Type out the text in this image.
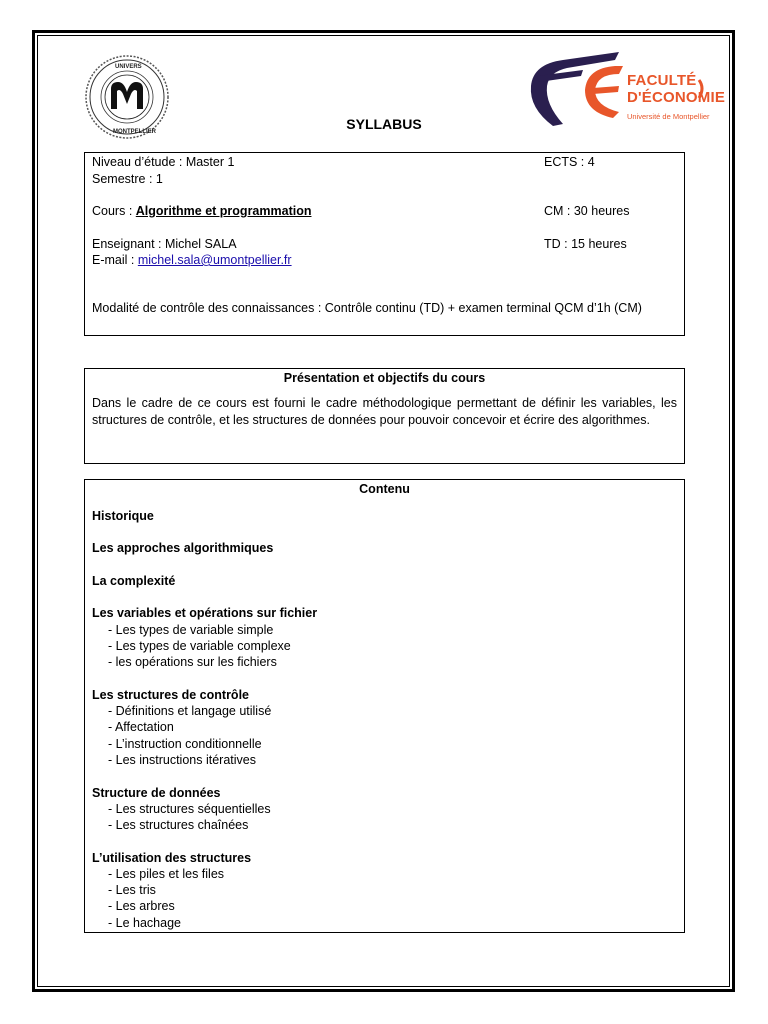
UNIVERS
MONTPELLIER
FACULTÉ
D'ÉCONOMIE
Université de Montpellier
SYLLABUS
Niveau d’étude : Master 1	ECTS : 4
Semestre : 1
Cours : Algorithme et programmation	CM : 30 heures
Enseignant : Michel SALA	TD : 15 heures
E-mail : michel.sala@umontpellier.fr
Modalité de contrôle des connaissances : Contrôle continu (TD) + examen terminal QCM d’1h (CM)
Présentation et objectifs du cours
Dans le cadre de ce cours est fourni le cadre méthodologique permettant de définir les variables, les structures de contrôle, et les structures de données pour pouvoir concevoir et écrire des algorithmes.
Contenu
Historique
Les approches algorithmiques
La complexité
Les variables et opérations sur fichier
- Les types de variable simple
- Les types de variable complexe
- les opérations sur les fichiers
Les structures de contrôle
- Définitions et langage utilisé
- Affectation
- L’instruction conditionnelle
- Les instructions itératives
Structure de données
- Les structures séquentielles
- Les structures chaînées
L’utilisation des structures
- Les piles et les files
- Les tris
- Les arbres
- Le hachage
